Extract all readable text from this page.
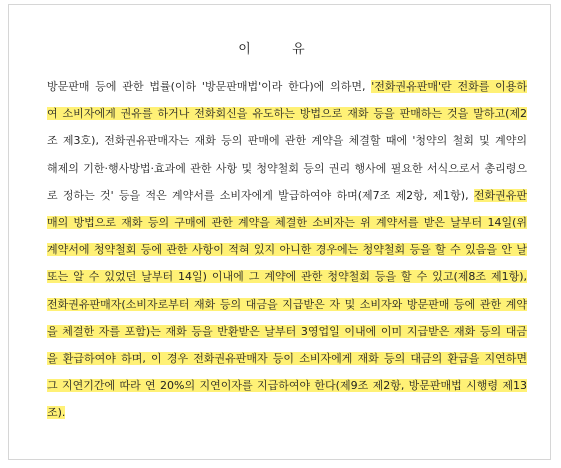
이          유
방문판매 등에 관한 법률(이하 '방문판매법'이라 한다)에 의하면, '전화권유판매'란 전화를 이용하
여 소비자에게 권유를 하거나 전화회신을 유도하는 방법으로 재화 등을 판매하는 것을 말하고(제2
조 제3호), 전화권유판매자는 재화 등의 판매에 관한 계약을 체결할 때에 '청약의 철회 및 계약의
해제의 기한·행사방법·효과에 관한 사항 및 청약철회 등의 권리 행사에 필요한 서식으로서 총리령으
로 정하는 것' 등을 적은 계약서를 소비자에게 발급하여야 하며(제7조 제2항, 제1항), 전화권유판
매의 방법으로 재화 등의 구매에 관한 계약을 체결한 소비자는 위 계약서를 받은 날부터 14일(위
계약서에 청약철회 등에 관한 사항이 적혀 있지 아니한 경우에는 청약철회 등을 할 수 있음을 안 날
또는 알 수 있었던 날부터 14일) 이내에 그 계약에 관한 청약철회 등을 할 수 있고(제8조 제1항),
전화권유판매자(소비자로부터 재화 등의 대금을 지급받은 자 및 소비자와 방문판매 등에 관한 계약
을 체결한 자를 포함)는 재화 등을 반환받은 날부터 3영업일 이내에 이미 지급받은 재화 등의 대금
을 환급하여야 하며, 이 경우 전화권유판매자 등이 소비자에게 재화 등의 대금의 환급을 지연하면
그 지연기간에 따라 연 20%의 지연이자를 지급하여야 한다(제9조 제2항, 방문판매법 시행령 제13
조).
